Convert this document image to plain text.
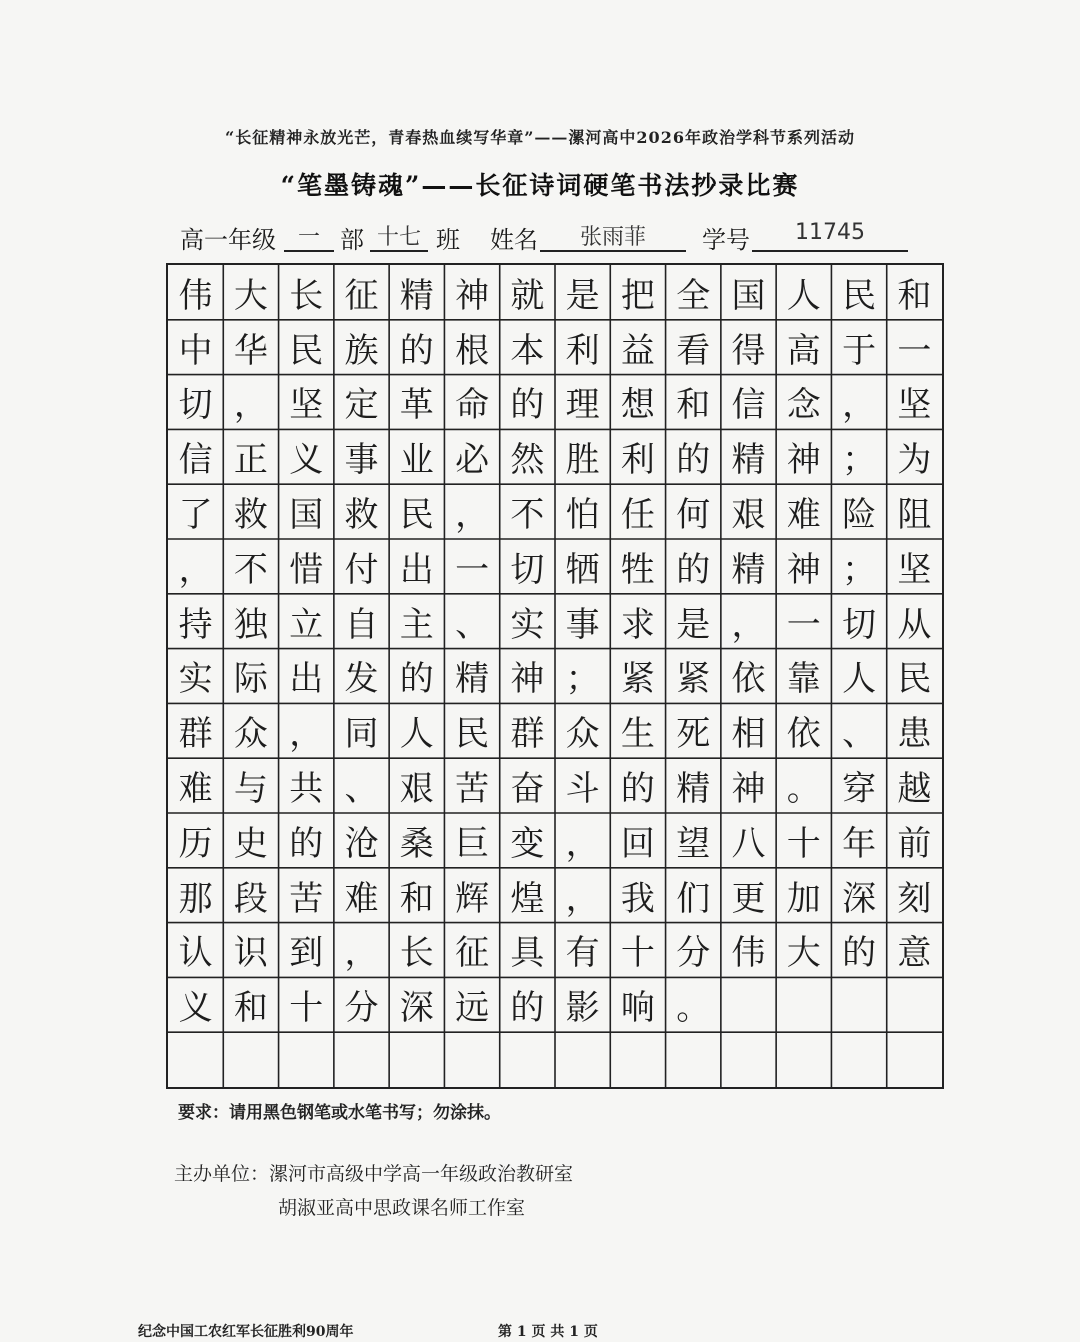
“长征精神永放光芒，青春热血续写华章”——漯河高中2026年政治学科节系列活动
“笔墨铸魂”——长征诗词硬笔书法抄录比赛
高一年级 一 部 十七 班 姓名	张雨菲	学号	11745
伟 大 长 征 精 神 就 是 把 全 国 人 民 和
中 华 民 族 的 根 本 利 益 看 得 高 于 一
切 ， 坚 定 革 命 的 理 想 和 信 念 ， 坚
信 正 义 事 业 必 然 胜 利 的 精 神 ； 为
了 救 国 救 民 ， 不 怕 任 何 艰 难 险 阻
， 不 惜 付 出 一 切 牺 牲 的 精 神 ； 坚
持 独 立 自 主 、 实 事 求 是 ， 一 切 从
实 际 出 发 的 精 神 ； 紧 紧 依 靠 人 民
群 众 ， 同 人 民 群 众 生 死 相 依 、 患
难 与 共 、 艰 苦 奋 斗 的 精 神 。 穿 越
历 史 的 沧 桑 巨 变 ， 回 望 八 十 年 前
那 段 苦 难 和 辉 煌 ， 我 们 更 加 深 刻
认 识 到 ， 长 征 具 有 十 分 伟 大 的 意
义 和 十 分 深 远 的 影 响 。
要求：请用黑色钢笔或水笔书写；勿涂抹。
主办单位：漯河市高级中学高一年级政治教研室
胡淑亚高中思政课名师工作室
纪念中国工农红军长征胜利90周年	第 1 页 共 1 页
